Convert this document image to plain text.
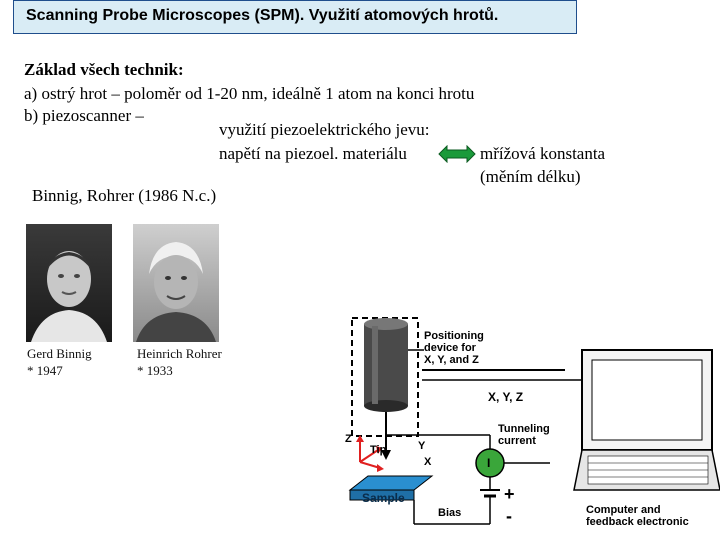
Scanning Probe Microscopes (SPM). Využití atomových hrotů.
Základ všech technik:
a) ostrý hrot – poloměr od 1-20 nm, ideálně 1 atom na konci hrotu
b) piezoscanner –
využití piezoelektrického jevu:
napětí na piezoel. materiálu	mřížová konstanta
(měním délku)
Binnig, Rohrer (1986 N.c.)
Gerd Binnig
* 1947
Heinrich Rohrer
* 1933
Positioning
device for
X, Y, and Z
X, Y, Z
Tunneling
current
Tip
Z
Y
X	I
Sample
Bias
+
-	Computer and
feedback electronic
